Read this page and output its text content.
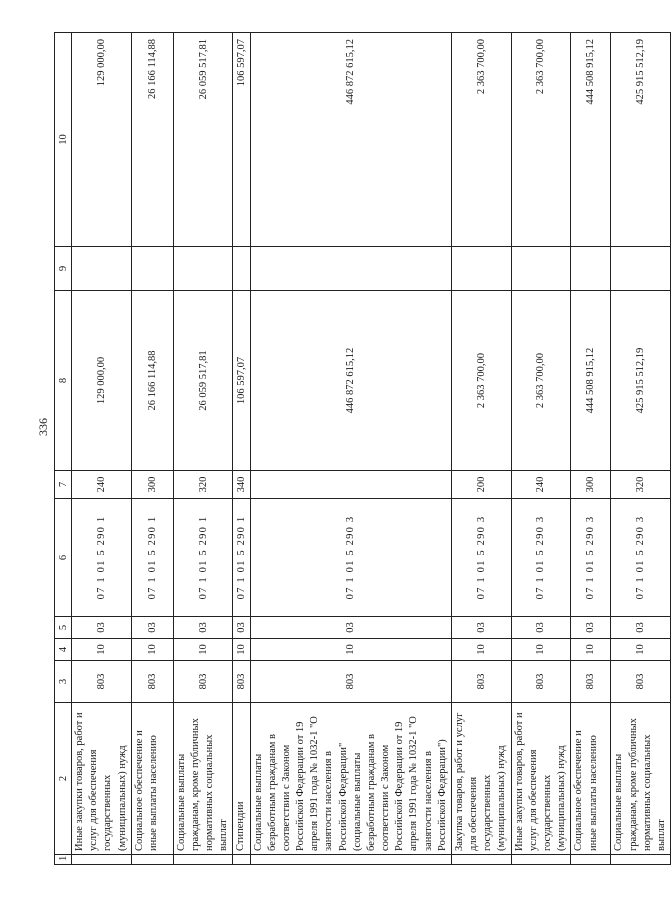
336
1	2	3	4	5	6	7	8	9	10
	Иные закупки товаров, работ и услуг для обеспечения государственных (муниципальных) нужд	803	10	03	07 1 01 5 290 1	240	129 000,00		129 000,00
	Социальное обеспечение и иные выплаты населению	803	10	03	07 1 01 5 290 1	300	26 166 114,88		26 166 114,88
	Социальные выплаты гражданам, кроме публичных нормативных социальных выплат	803	10	03	07 1 01 5 290 1	320	26 059 517,81		26 059 517,81
	Стипендии	803	10	03	07 1 01 5 290 1	340	106 597,07		106 597,07
	Социальные выплаты безработным гражданам в соответствии с Законом Российской Федерации от 19 апреля 1991 года № 1032-1 "О занятости населения в Российской Федерации" (социальные выплаты безработным гражданам в соответствии с Законом Российской Федерации от 19 апреля 1991 года № 1032-1 "О занятости населения в Российской Федерации")	803	10	03	07 1 01 5 290 3		446 872 615,12		446 872 615,12
	Закупка товаров, работ и услуг для обеспечения государственных (муниципальных) нужд	803	10	03	07 1 01 5 290 3	200	2 363 700,00		2 363 700,00
	Иные закупки товаров, работ и услуг для обеспечения государственных (муниципальных) нужд	803	10	03	07 1 01 5 290 3	240	2 363 700,00		2 363 700,00
	Социальное обеспечение и иные выплаты населению	803	10	03	07 1 01 5 290 3	300	444 508 915,12		444 508 915,12
	Социальные выплаты гражданам, кроме публичных нормативных социальных выплат	803	10	03	07 1 01 5 290 3	320	425 915 512,19		425 915 512,19
